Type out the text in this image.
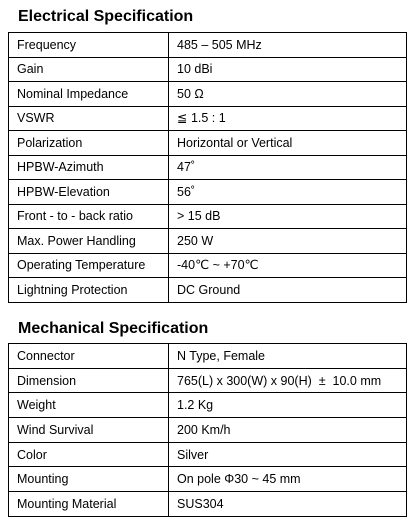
Electrical Specification
Frequency	485 – 505 MHz
Gain	10 dBi
Nominal Impedance	50 Ω
VSWR	≦ 1.5 : 1
Polarization	Horizontal or Vertical
HPBW-Azimuth	47˚
HPBW-Elevation	56˚
Front - to - back ratio	> 15 dB
Max. Power Handling	250 W
Operating Temperature	-40℃ ~ +70℃
Lightning Protection	DC Ground
Mechanical Specification
Connector	N Type, Female
Dimension	765(L) x 300(W) x 90(H)  ±  10.0 mm
Weight	1.2 Kg
Wind Survival	200 Km/h
Color	Silver
Mounting	On pole Φ30 ~ 45 mm
Mounting Material	SUS304
